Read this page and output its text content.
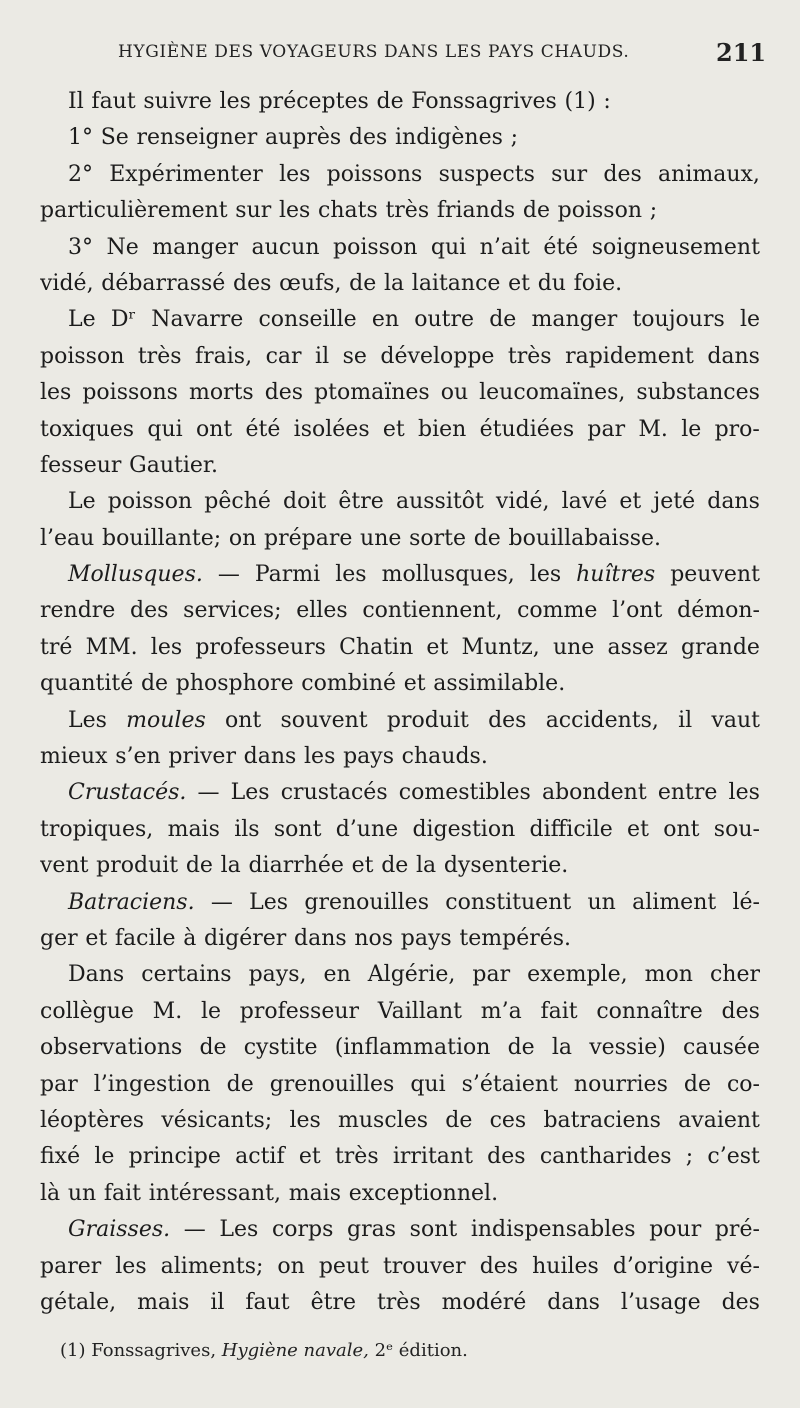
HYGIÈNE DES VOYAGEURS DANS LES PAYS CHAUDS.	211
Il faut suivre les préceptes de Fonssagrives (1) :
1° Se renseigner auprès des indigènes ;
2° Expérimenter les poissons suspects sur des animaux,
particulièrement sur les chats très friands de poisson ;
3° Ne manger aucun poisson qui n’ait été soigneusement
vidé, débarrassé des œufs, de la laitance et du foie.
Le Dʳ Navarre conseille en outre de manger toujours le
poisson très frais, car il se développe très rapidement dans
les poissons morts des ptomaïnes ou leucomaïnes, substances
toxiques qui ont été isolées et bien étudiées par M. le pro-
fesseur Gautier.
Le poisson pêché doit être aussitôt vidé, lavé et jeté dans
l’eau bouillante; on prépare une sorte de bouillabaisse.
Mollusques. — Parmi les mollusques, les huîtres peuvent
rendre des services; elles contiennent, comme l’ont démon-
tré MM. les professeurs Chatin et Muntz, une assez grande
quantité de phosphore combiné et assimilable.
Les moules ont souvent produit des accidents, il vaut
mieux s’en priver dans les pays chauds.
Crustacés. — Les crustacés comestibles abondent entre les
tropiques, mais ils sont d’une digestion difficile et ont sou-
vent produit de la diarrhée et de la dysenterie.
Batraciens. — Les grenouilles constituent un aliment lé-
ger et facile à digérer dans nos pays tempérés.
Dans certains pays, en Algérie, par exemple, mon cher
collègue M. le professeur Vaillant m’a fait connaître des
observations de cystite (inflammation de la vessie) causée
par l’ingestion de grenouilles qui s’étaient nourries de co-
léoptères vésicants; les muscles de ces batraciens avaient
fixé le principe actif et très irritant des cantharides ; c’est
là un fait intéressant, mais exceptionnel.
Graisses. — Les corps gras sont indispensables pour pré-
parer les aliments; on peut trouver des huiles d’origine vé-
gétale, mais il faut être très modéré dans l’usage des
(1) Fonssagrives, Hygiène navale, 2ᵉ édition.
